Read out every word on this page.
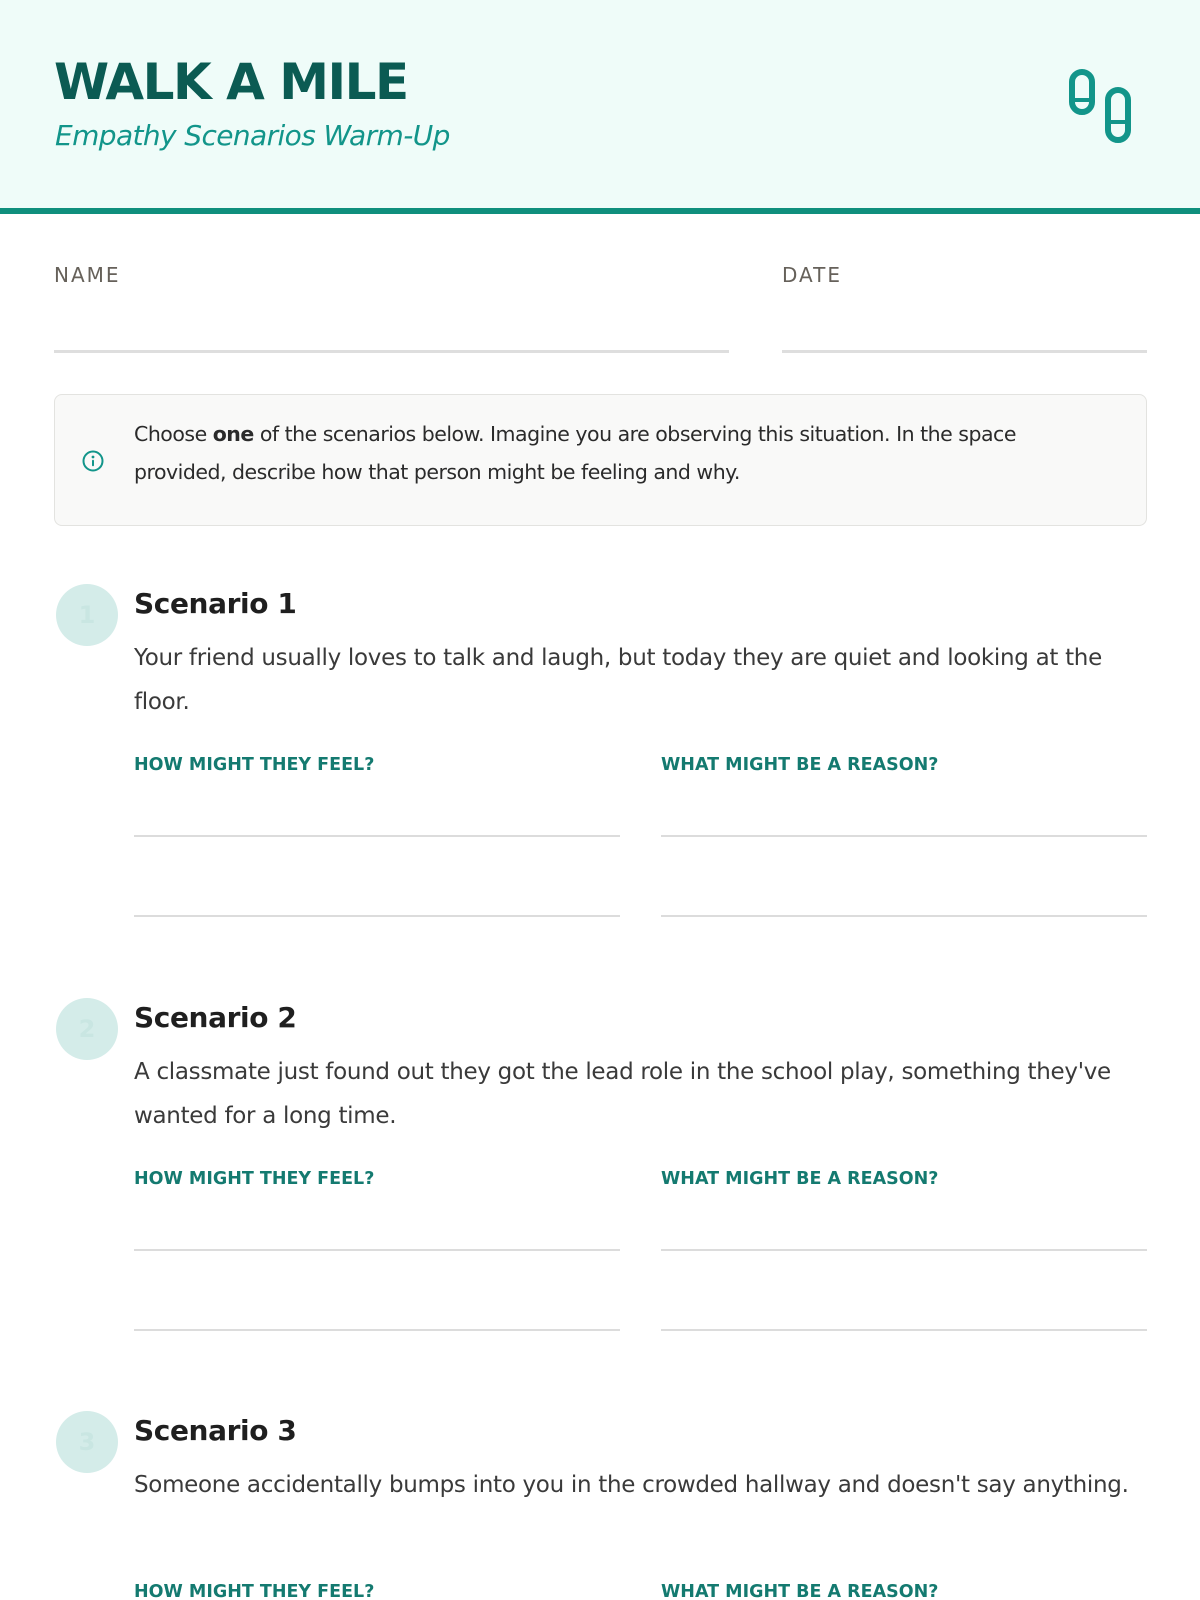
WALK A MILE
Empathy Scenarios Warm-Up
NAME	DATE

Choose one of the scenarios below. Imagine you are observing this situation. In the space provided, describe how that person might be feeling and why.

1	Scenario 1

Your friend usually loves to talk and laugh, but today they are quiet and looking at the floor.

HOW MIGHT THEY FEEL?	WHAT MIGHT BE A REASON?
2	Scenario 2

A classmate just found out they got the lead role in the school play, something they've wanted for a long time.

HOW MIGHT THEY FEEL?	WHAT MIGHT BE A REASON?
3	Scenario 3

Someone accidentally bumps into you in the crowded hallway and doesn't say anything.

HOW MIGHT THEY FEEL?	WHAT MIGHT BE A REASON?
